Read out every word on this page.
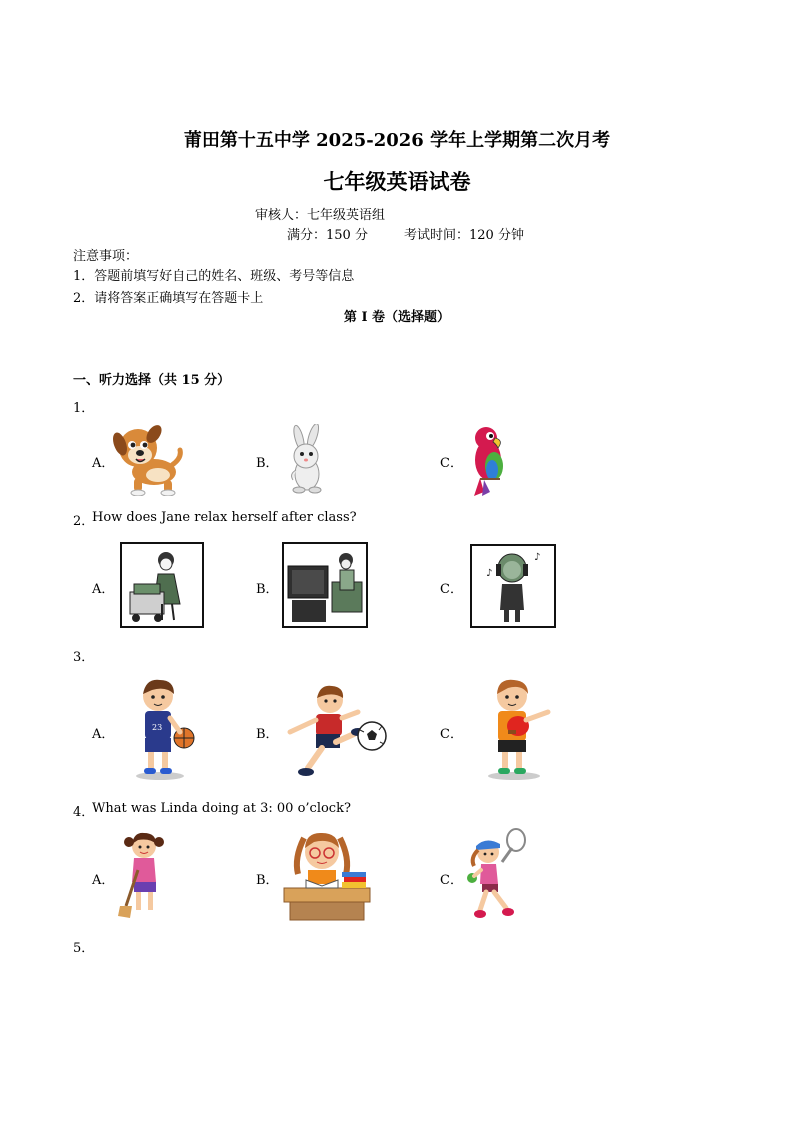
莆田第十五中学 2025-2026 学年上学期第二次月考
七年级英语试卷
审核人：七年级英语组
满分：150 分	考试时间：120 分钟
注意事项：
1．答题前填写好自己的姓名、班级、考号等信息
2．请将答案正确填写在答题卡上
第 I 卷（选择题）
一、听力选择（共 15 分）
1．
A．	B．	C．
2．
How does Jane relax herself after class?
A．	B．	C．
♪
♪
3．
A．	B．	C．
23
4．
What was Linda doing at 3: 00 o’clock?
A．	B．	C．
5．
